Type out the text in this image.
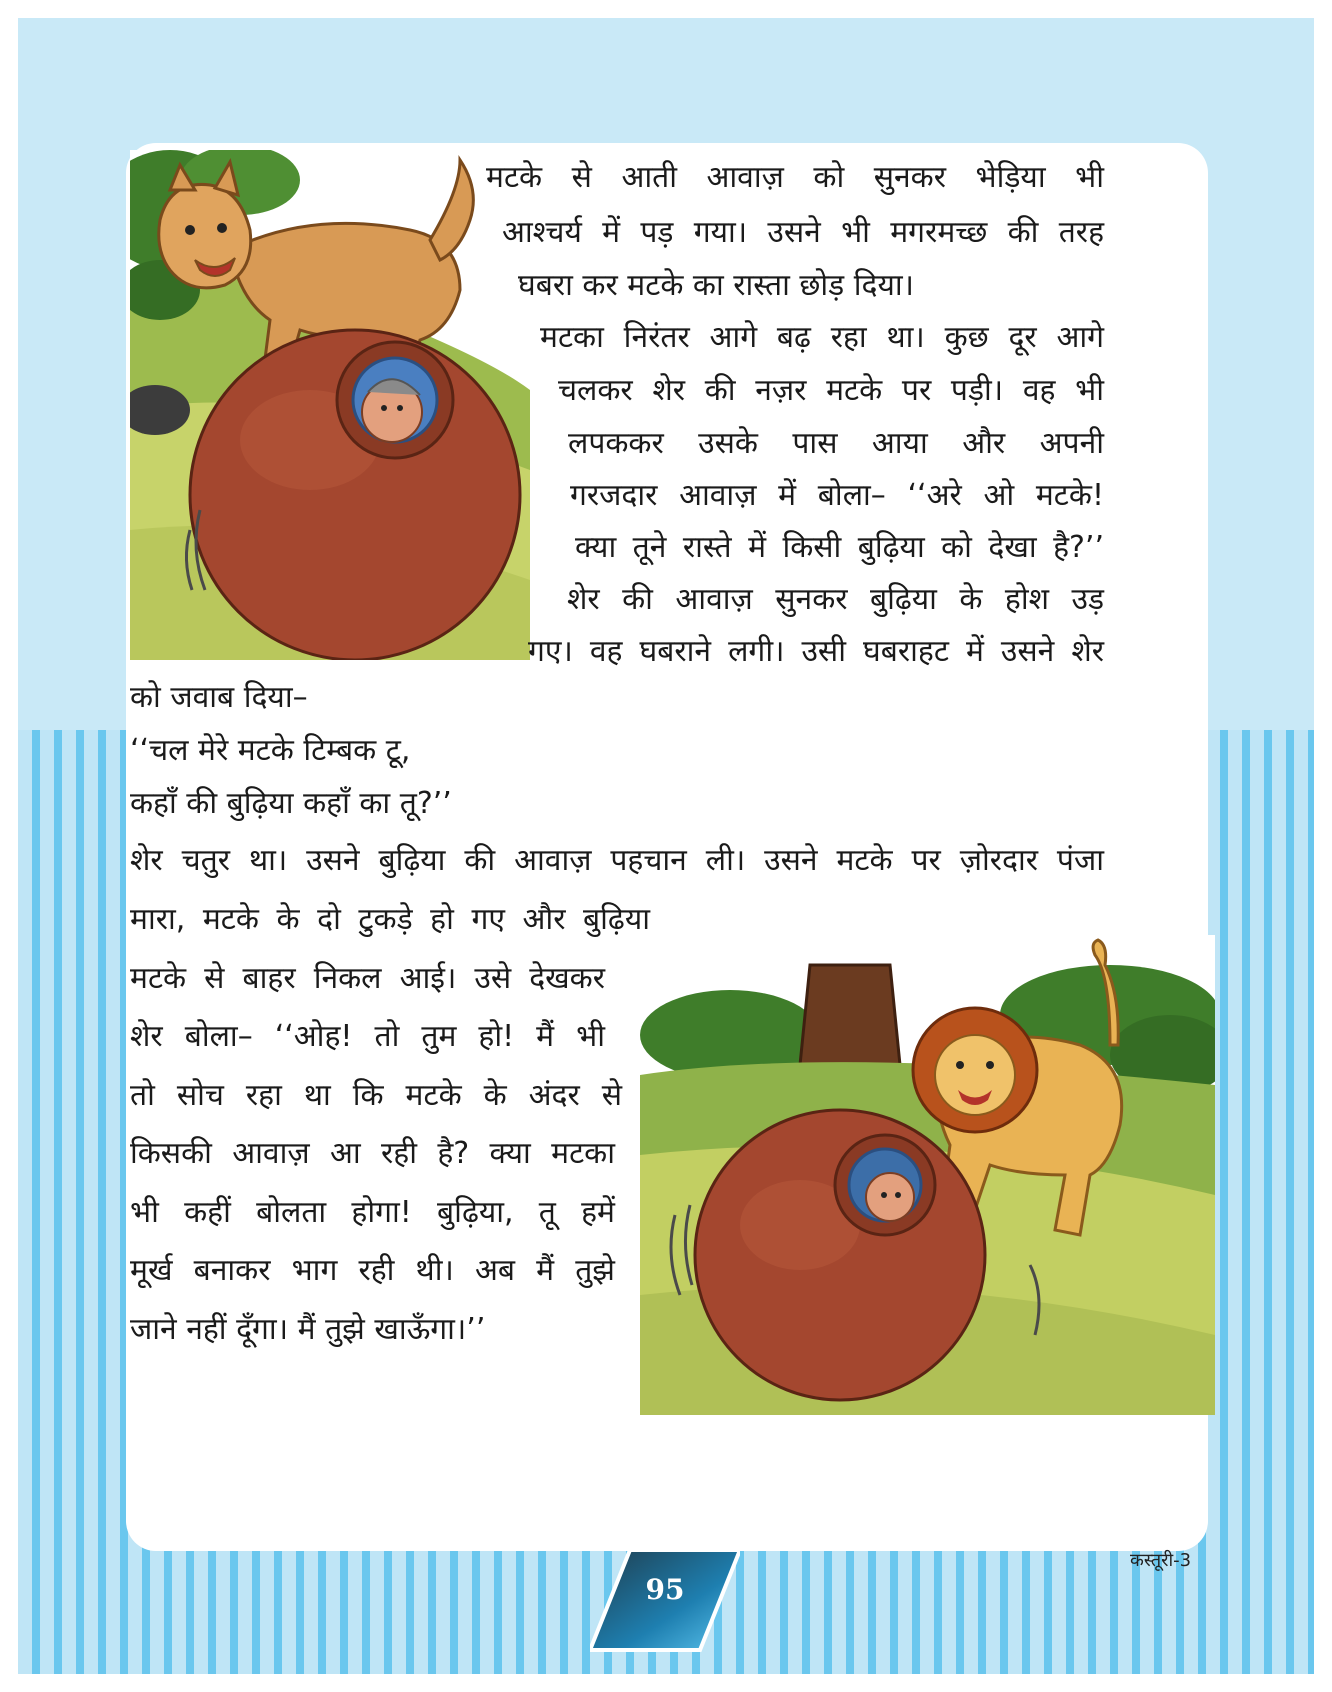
मटके से आती आवाज़ को सुनकर भेड़िया भी
आश्चर्य में पड़ गया। उसने भी मगरमच्छ की तरह
घबरा कर मटके का रास्ता छोड़ दिया।
मटका निरंतर आगे बढ़ रहा था। कुछ दूर आगे
चलकर शेर की नज़र मटके पर पड़ी। वह भी
लपककर उसके पास आया और अपनी
गरजदार आवाज़ में बोला– ‘‘अरे ओ मटके!
क्या तूने रास्ते में किसी बुढ़िया को देखा है?’’
शेर की आवाज़ सुनकर बुढ़िया के होश उड़
गए। वह घबराने लगी। उसी घबराहट में उसने शेर
को जवाब दिया–
‘‘चल मेरे मटके टिम्बक टू,
कहाँ की बुढ़िया कहाँ का तू?’’
शेर चतुर था। उसने बुढ़िया की आवाज़ पहचान ली। उसने मटके पर ज़ोरदार पंजा
मारा, मटके के दो टुकड़े हो गए और बुढ़िया
मटके से बाहर निकल आई। उसे देखकर
शेर बोला– ‘‘ओह! तो तुम हो! मैं भी
तो सोच रहा था कि मटके के अंदर से
किसकी आवाज़ आ रही है? क्या मटका
भी कहीं बोलता होगा! बुढ़िया, तू हमें
मूर्ख बनाकर भाग रही थी। अब मैं तुझे
जाने नहीं दूँगा। मैं तुझे खाऊँगा।’’
95
कस्तूरी-3
